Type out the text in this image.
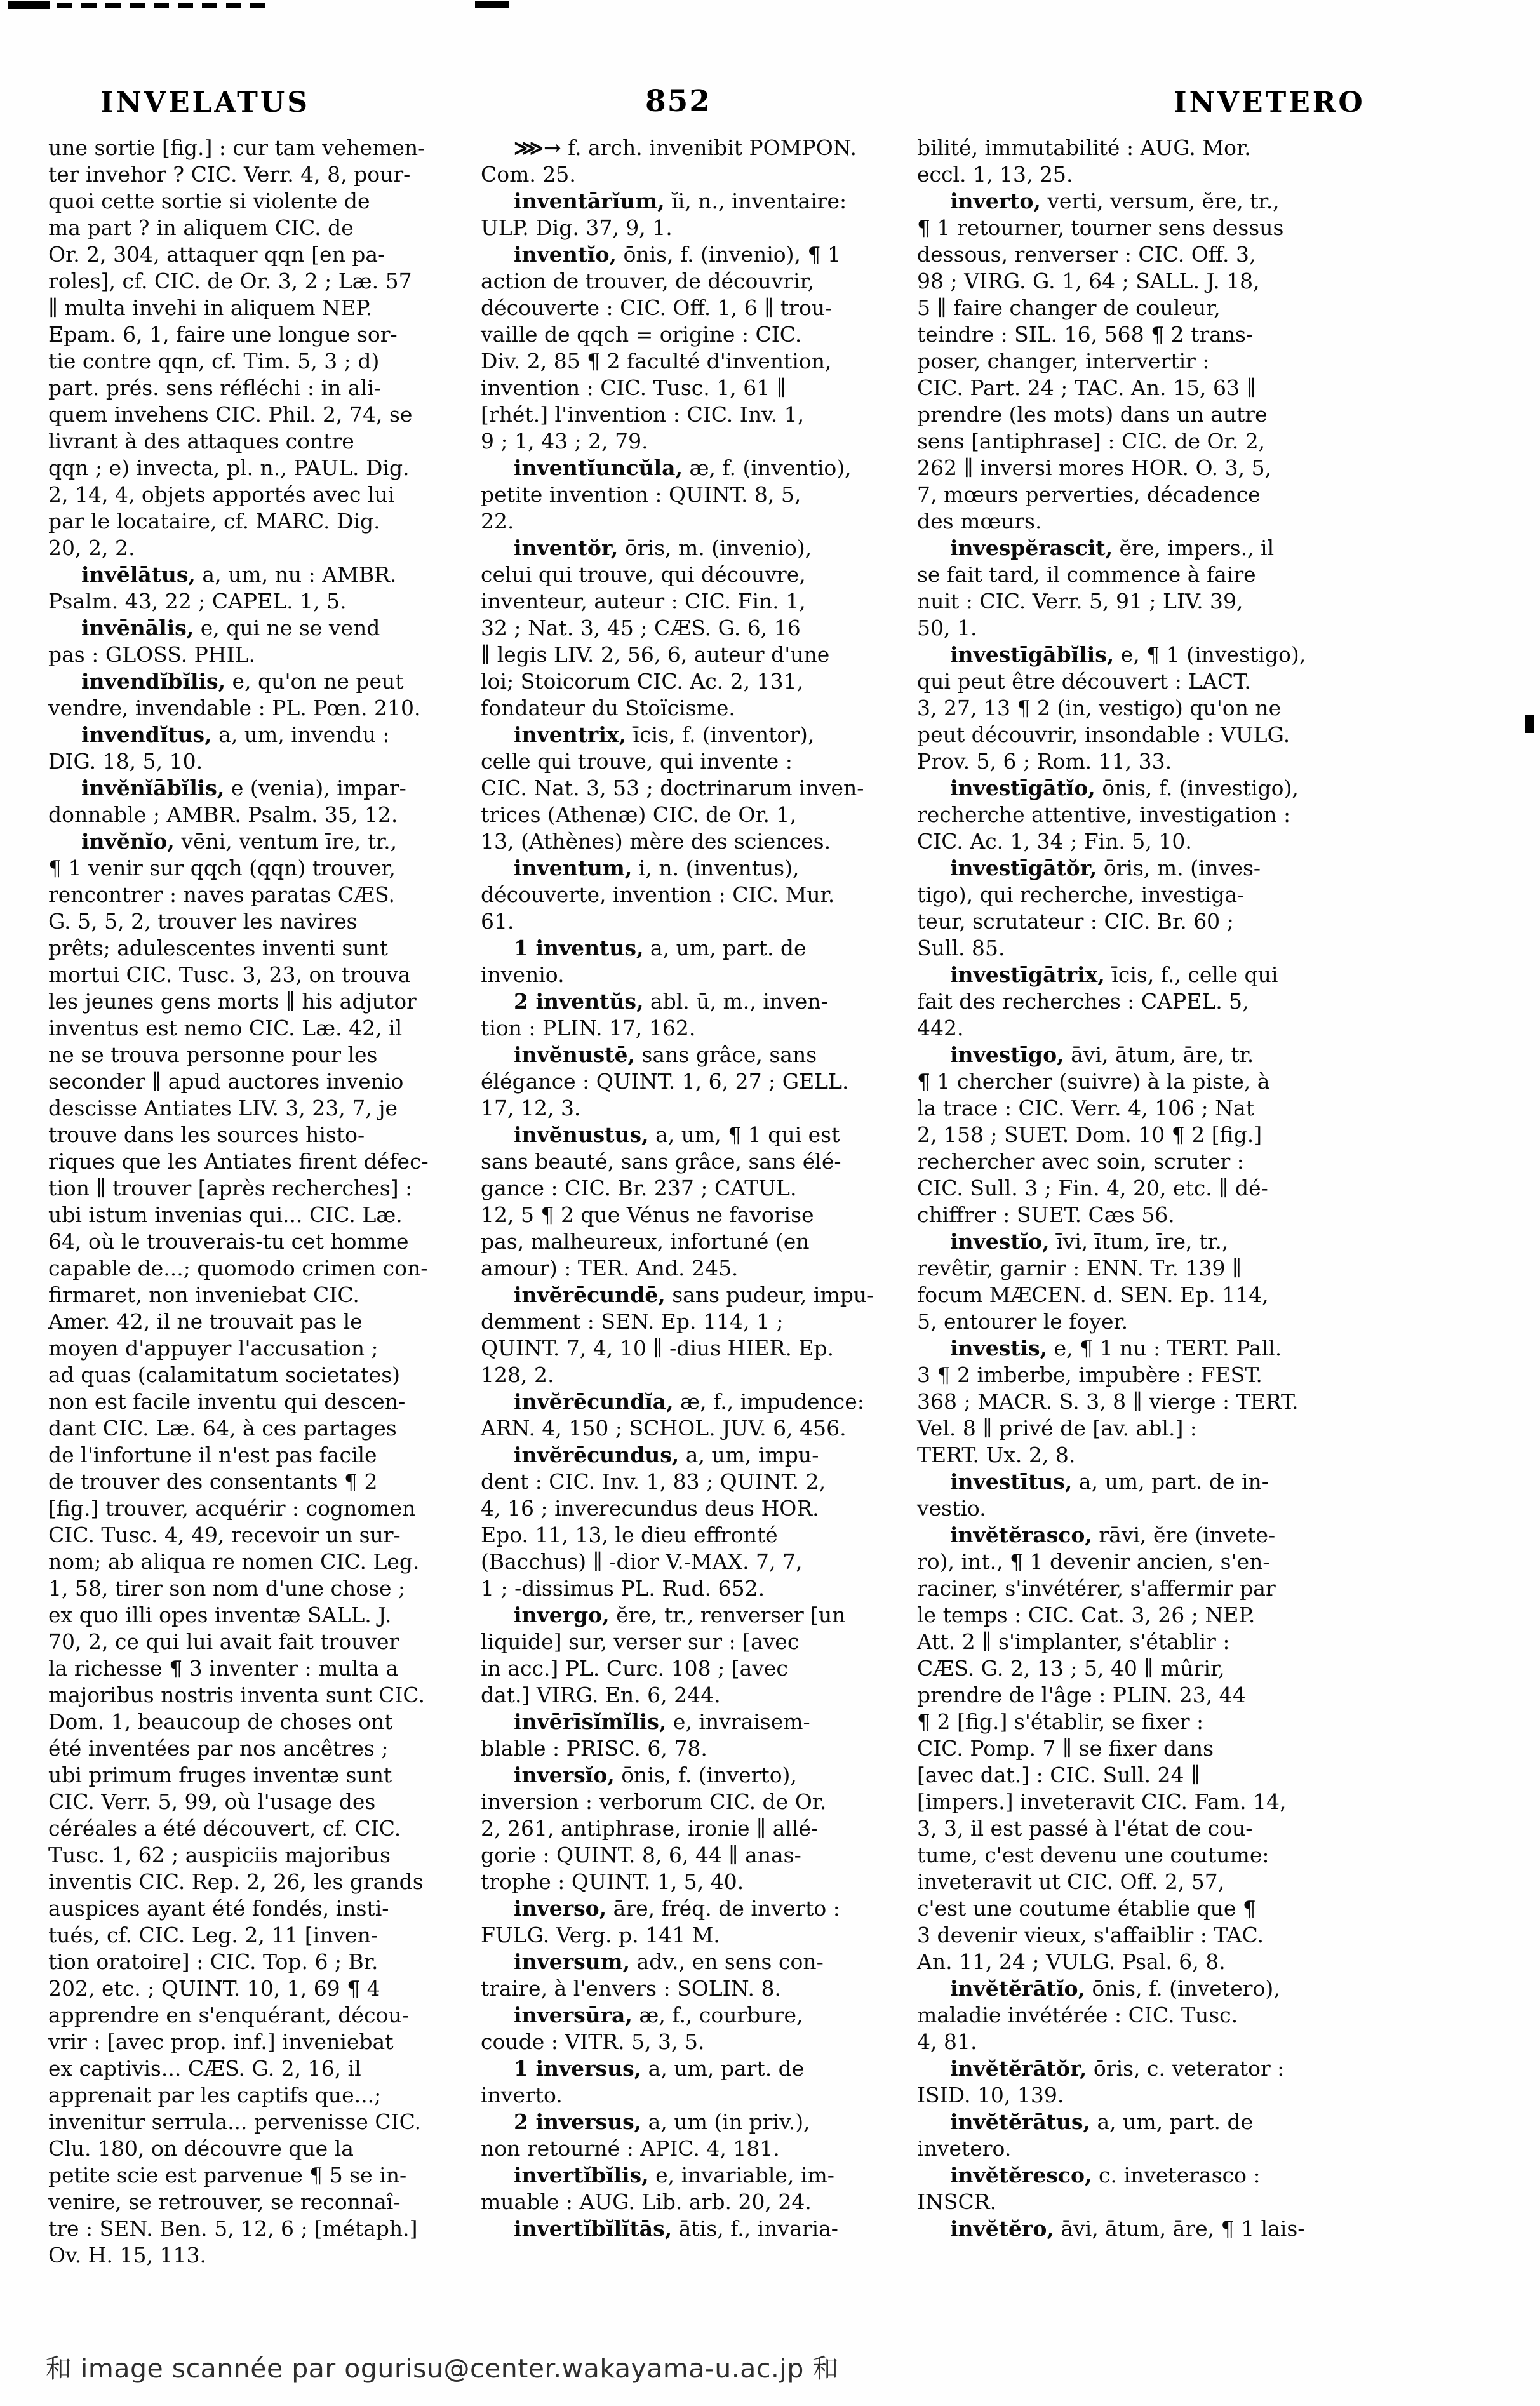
INVELATUS	852	INVETERO
une sortie [fig.] : cur tam vehemen-
ter invehor ? CIC. Verr. 4, 8, pour-
quoi cette sortie si violente de
ma part ? in aliquem CIC. de
Or. 2, 304, attaquer qqn [en pa-
roles], cf. CIC. de Or. 3, 2 ; Læ. 57
∥ multa invehi in aliquem NEP.
Epam. 6, 1, faire une longue sor-
tie contre qqn, cf. Tim. 5, 3 ; d)
part. prés. sens réfléchi : in ali-
quem invehens CIC. Phil. 2, 74, se
livrant à des attaques contre
qqn ; e) invecta, pl. n., PAUL. Dig.
2, 14, 4, objets apportés avec lui
par le locataire, cf. MARC. Dig.
20, 2, 2.
invēlātus, a, um, nu : AMBR.
Psalm. 43, 22 ; CAPEL. 1, 5.
invēnālis, e, qui ne se vend
pas : GLOSS. PHIL.
invendĭbĭlis, e, qu'on ne peut
vendre, invendable : PL. Pœn. 210.
invendĭtus, a, um, invendu :
DIG. 18, 5, 10.
invĕnĭābĭlis, e (venia), impar-
donnable ; AMBR. Psalm. 35, 12.
invĕnĭo, vēni, ventum īre, tr.,
¶ 1 venir sur qqch (qqn) trouver,
rencontrer : naves paratas CÆS.
G. 5, 5, 2, trouver les navires
prêts; adulescentes inventi sunt
mortui CIC. Tusc. 3, 23, on trouva
les jeunes gens morts ∥ his adjutor
inventus est nemo CIC. Læ. 42, il
ne se trouva personne pour les
seconder ∥ apud auctores invenio
descisse Antiates LIV. 3, 23, 7, je
trouve dans les sources histo-
riques que les Antiates firent défec-
tion ∥ trouver [après recherches] :
ubi istum invenias qui... CIC. Læ.
64, où le trouverais-tu cet homme
capable de...; quomodo crimen con-
firmaret, non inveniebat CIC.
Amer. 42, il ne trouvait pas le
moyen d'appuyer l'accusation ;
ad quas (calamitatum societates)
non est facile inventu qui descen-
dant CIC. Læ. 64, à ces partages
de l'infortune il n'est pas facile
de trouver des consentants ¶ 2
[fig.] trouver, acquérir : cognomen
CIC. Tusc. 4, 49, recevoir un sur-
nom; ab aliqua re nomen CIC. Leg.
1, 58, tirer son nom d'une chose ;
ex quo illi opes inventæ SALL. J.
70, 2, ce qui lui avait fait trouver
la richesse ¶ 3 inventer : multa a
majoribus nostris inventa sunt CIC.
Dom. 1, beaucoup de choses ont
été inventées par nos ancêtres ;
ubi primum fruges inventæ sunt
CIC. Verr. 5, 99, où l'usage des
céréales a été découvert, cf. CIC.
Tusc. 1, 62 ; auspiciis majoribus
inventis CIC. Rep. 2, 26, les grands
auspices ayant été fondés, insti-
tués, cf. CIC. Leg. 2, 11 [inven-
tion oratoire] : CIC. Top. 6 ; Br.
202, etc. ; QUINT. 10, 1, 69 ¶ 4
apprendre en s'enquérant, décou-
vrir : [avec prop. inf.] inveniebat
ex captivis... CÆS. G. 2, 16, il
apprenait par les captifs que...;
invenitur serrula... pervenisse CIC.
Clu. 180, on découvre que la
petite scie est parvenue ¶ 5 se in-
venire, se retrouver, se reconnaî-
tre : SEN. Ben. 5, 12, 6 ; [métaph.]
Ov. H. 15, 113.
⋙→ f. arch. invenibit POMPON.
Com. 25.
inventārĭum, ĭi, n., inventaire:
ULP. Dig. 37, 9, 1.
inventĭo, ōnis, f. (invenio), ¶ 1
action de trouver, de découvrir,
découverte : CIC. Off. 1, 6 ∥ trou-
vaille de qqch = origine : CIC.
Div. 2, 85 ¶ 2 faculté d'invention,
invention : CIC. Tusc. 1, 61 ∥
[rhét.] l'invention : CIC. Inv. 1,
9 ; 1, 43 ; 2, 79.
inventĭuncŭla, æ, f. (inventio),
petite invention : QUINT. 8, 5,
22.
inventŏr, ōris, m. (invenio),
celui qui trouve, qui découvre,
inventeur, auteur : CIC. Fin. 1,
32 ; Nat. 3, 45 ; CÆS. G. 6, 16
∥ legis LIV. 2, 56, 6, auteur d'une
loi; Stoicorum CIC. Ac. 2, 131,
fondateur du Stoïcisme.
inventrix, īcis, f. (inventor),
celle qui trouve, qui invente :
CIC. Nat. 3, 53 ; doctrinarum inven-
trices (Athenæ) CIC. de Or. 1,
13, (Athènes) mère des sciences.
inventum, i, n. (inventus),
découverte, invention : CIC. Mur.
61.
1 inventus, a, um, part. de
invenio.
2 inventŭs, abl. ū, m., inven-
tion : PLIN. 17, 162.
invĕnustē, sans grâce, sans
élégance : QUINT. 1, 6, 27 ; GELL.
17, 12, 3.
invĕnustus, a, um, ¶ 1 qui est
sans beauté, sans grâce, sans élé-
gance : CIC. Br. 237 ; CATUL.
12, 5 ¶ 2 que Vénus ne favorise
pas, malheureux, infortuné (en
amour) : TER. And. 245.
invĕrēcundē, sans pudeur, impu-
demment : SEN. Ep. 114, 1 ;
QUINT. 7, 4, 10 ∥ -dius HIER. Ep.
128, 2.
invĕrēcundĭa, æ, f., impudence:
ARN. 4, 150 ; SCHOL. JUV. 6, 456.
invĕrēcundus, a, um, impu-
dent : CIC. Inv. 1, 83 ; QUINT. 2,
4, 16 ; inverecundus deus HOR.
Epo. 11, 13, le dieu effronté
(Bacchus) ∥ -dior V.-MAX. 7, 7,
1 ; -dissimus PL. Rud. 652.
invergo, ĕre, tr., renverser [un
liquide] sur, verser sur : [avec
in acc.] PL. Curc. 108 ; [avec
dat.] VIRG. En. 6, 244.
invērīsĭmĭlis, e, invraisem-
blable : PRISC. 6, 78.
inversĭo, ōnis, f. (inverto),
inversion : verborum CIC. de Or.
2, 261, antiphrase, ironie ∥ allé-
gorie : QUINT. 8, 6, 44 ∥ anas-
trophe : QUINT. 1, 5, 40.
inverso, āre, fréq. de inverto :
FULG. Verg. p. 141 M.
inversum, adv., en sens con-
traire, à l'envers : SOLIN. 8.
inversūra, æ, f., courbure,
coude : VITR. 5, 3, 5.
1 inversus, a, um, part. de
inverto.
2 inversus, a, um (in priv.),
non retourné : APIC. 4, 181.
invertĭbĭlis, e, invariable, im-
muable : AUG. Lib. arb. 20, 24.
invertĭbĭlĭtās, ātis, f., invaria-
bilité, immutabilité : AUG. Mor.
eccl. 1, 13, 25.
inverto, verti, versum, ĕre, tr.,
¶ 1 retourner, tourner sens dessus
dessous, renverser : CIC. Off. 3,
98 ; VIRG. G. 1, 64 ; SALL. J. 18,
5 ∥ faire changer de couleur,
teindre : SIL. 16, 568 ¶ 2 trans-
poser, changer, intervertir :
CIC. Part. 24 ; TAC. An. 15, 63 ∥
prendre (les mots) dans un autre
sens [antiphrase] : CIC. de Or. 2,
262 ∥ inversi mores HOR. O. 3, 5,
7, mœurs perverties, décadence
des mœurs.
invespĕrascit, ĕre, impers., il
se fait tard, il commence à faire
nuit : CIC. Verr. 5, 91 ; LIV. 39,
50, 1.
investīgābĭlis, e, ¶ 1 (investigo),
qui peut être découvert : LACT.
3, 27, 13 ¶ 2 (in, vestigo) qu'on ne
peut découvrir, insondable : VULG.
Prov. 5, 6 ; Rom. 11, 33.
investīgātĭo, ōnis, f. (investigo),
recherche attentive, investigation :
CIC. Ac. 1, 34 ; Fin. 5, 10.
investīgātŏr, ōris, m. (inves-
tigo), qui recherche, investiga-
teur, scrutateur : CIC. Br. 60 ;
Sull. 85.
investīgātrix, īcis, f., celle qui
fait des recherches : CAPEL. 5,
442.
investīgo, āvi, ātum, āre, tr.
¶ 1 chercher (suivre) à la piste, à
la trace : CIC. Verr. 4, 106 ; Nat
2, 158 ; SUET. Dom. 10 ¶ 2 [fig.]
rechercher avec soin, scruter :
CIC. Sull. 3 ; Fin. 4, 20, etc. ∥ dé-
chiffrer : SUET. Cæs 56.
investĭo, īvi, ītum, īre, tr.,
revêtir, garnir : ENN. Tr. 139 ∥
focum MÆCEN. d. SEN. Ep. 114,
5, entourer le foyer.
investis, e, ¶ 1 nu : TERT. Pall.
3 ¶ 2 imberbe, impubère : FEST.
368 ; MACR. S. 3, 8 ∥ vierge : TERT.
Vel. 8 ∥ privé de [av. abl.] :
TERT. Ux. 2, 8.
investītus, a, um, part. de in-
vestio.
invĕtĕrasco, rāvi, ĕre (invete-
ro), int., ¶ 1 devenir ancien, s'en-
raciner, s'invétérer, s'affermir par
le temps : CIC. Cat. 3, 26 ; NEP.
Att. 2 ∥ s'implanter, s'établir :
CÆS. G. 2, 13 ; 5, 40 ∥ mûrir,
prendre de l'âge : PLIN. 23, 44
¶ 2 [fig.] s'établir, se fixer :
CIC. Pomp. 7 ∥ se fixer dans
[avec dat.] : CIC. Sull. 24 ∥
[impers.] inveteravit CIC. Fam. 14,
3, 3, il est passé à l'état de cou-
tume, c'est devenu une coutume:
inveteravit ut CIC. Off. 2, 57,
c'est une coutume établie que ¶
3 devenir vieux, s'affaiblir : TAC.
An. 11, 24 ; VULG. Psal. 6, 8.
invĕtĕrātĭo, ōnis, f. (invetero),
maladie invétérée : CIC. Tusc.
4, 81.
invĕtĕrātŏr, ōris, c. veterator :
ISID. 10, 139.
invĕtĕrātus, a, um, part. de
invetero.
invĕtĕresco, c. inveterasco :
INSCR.
invĕtĕro, āvi, ātum, āre, ¶ 1 lais-
和 image scannée par ogurisu@center.wakayama-u.ac.jp 和
